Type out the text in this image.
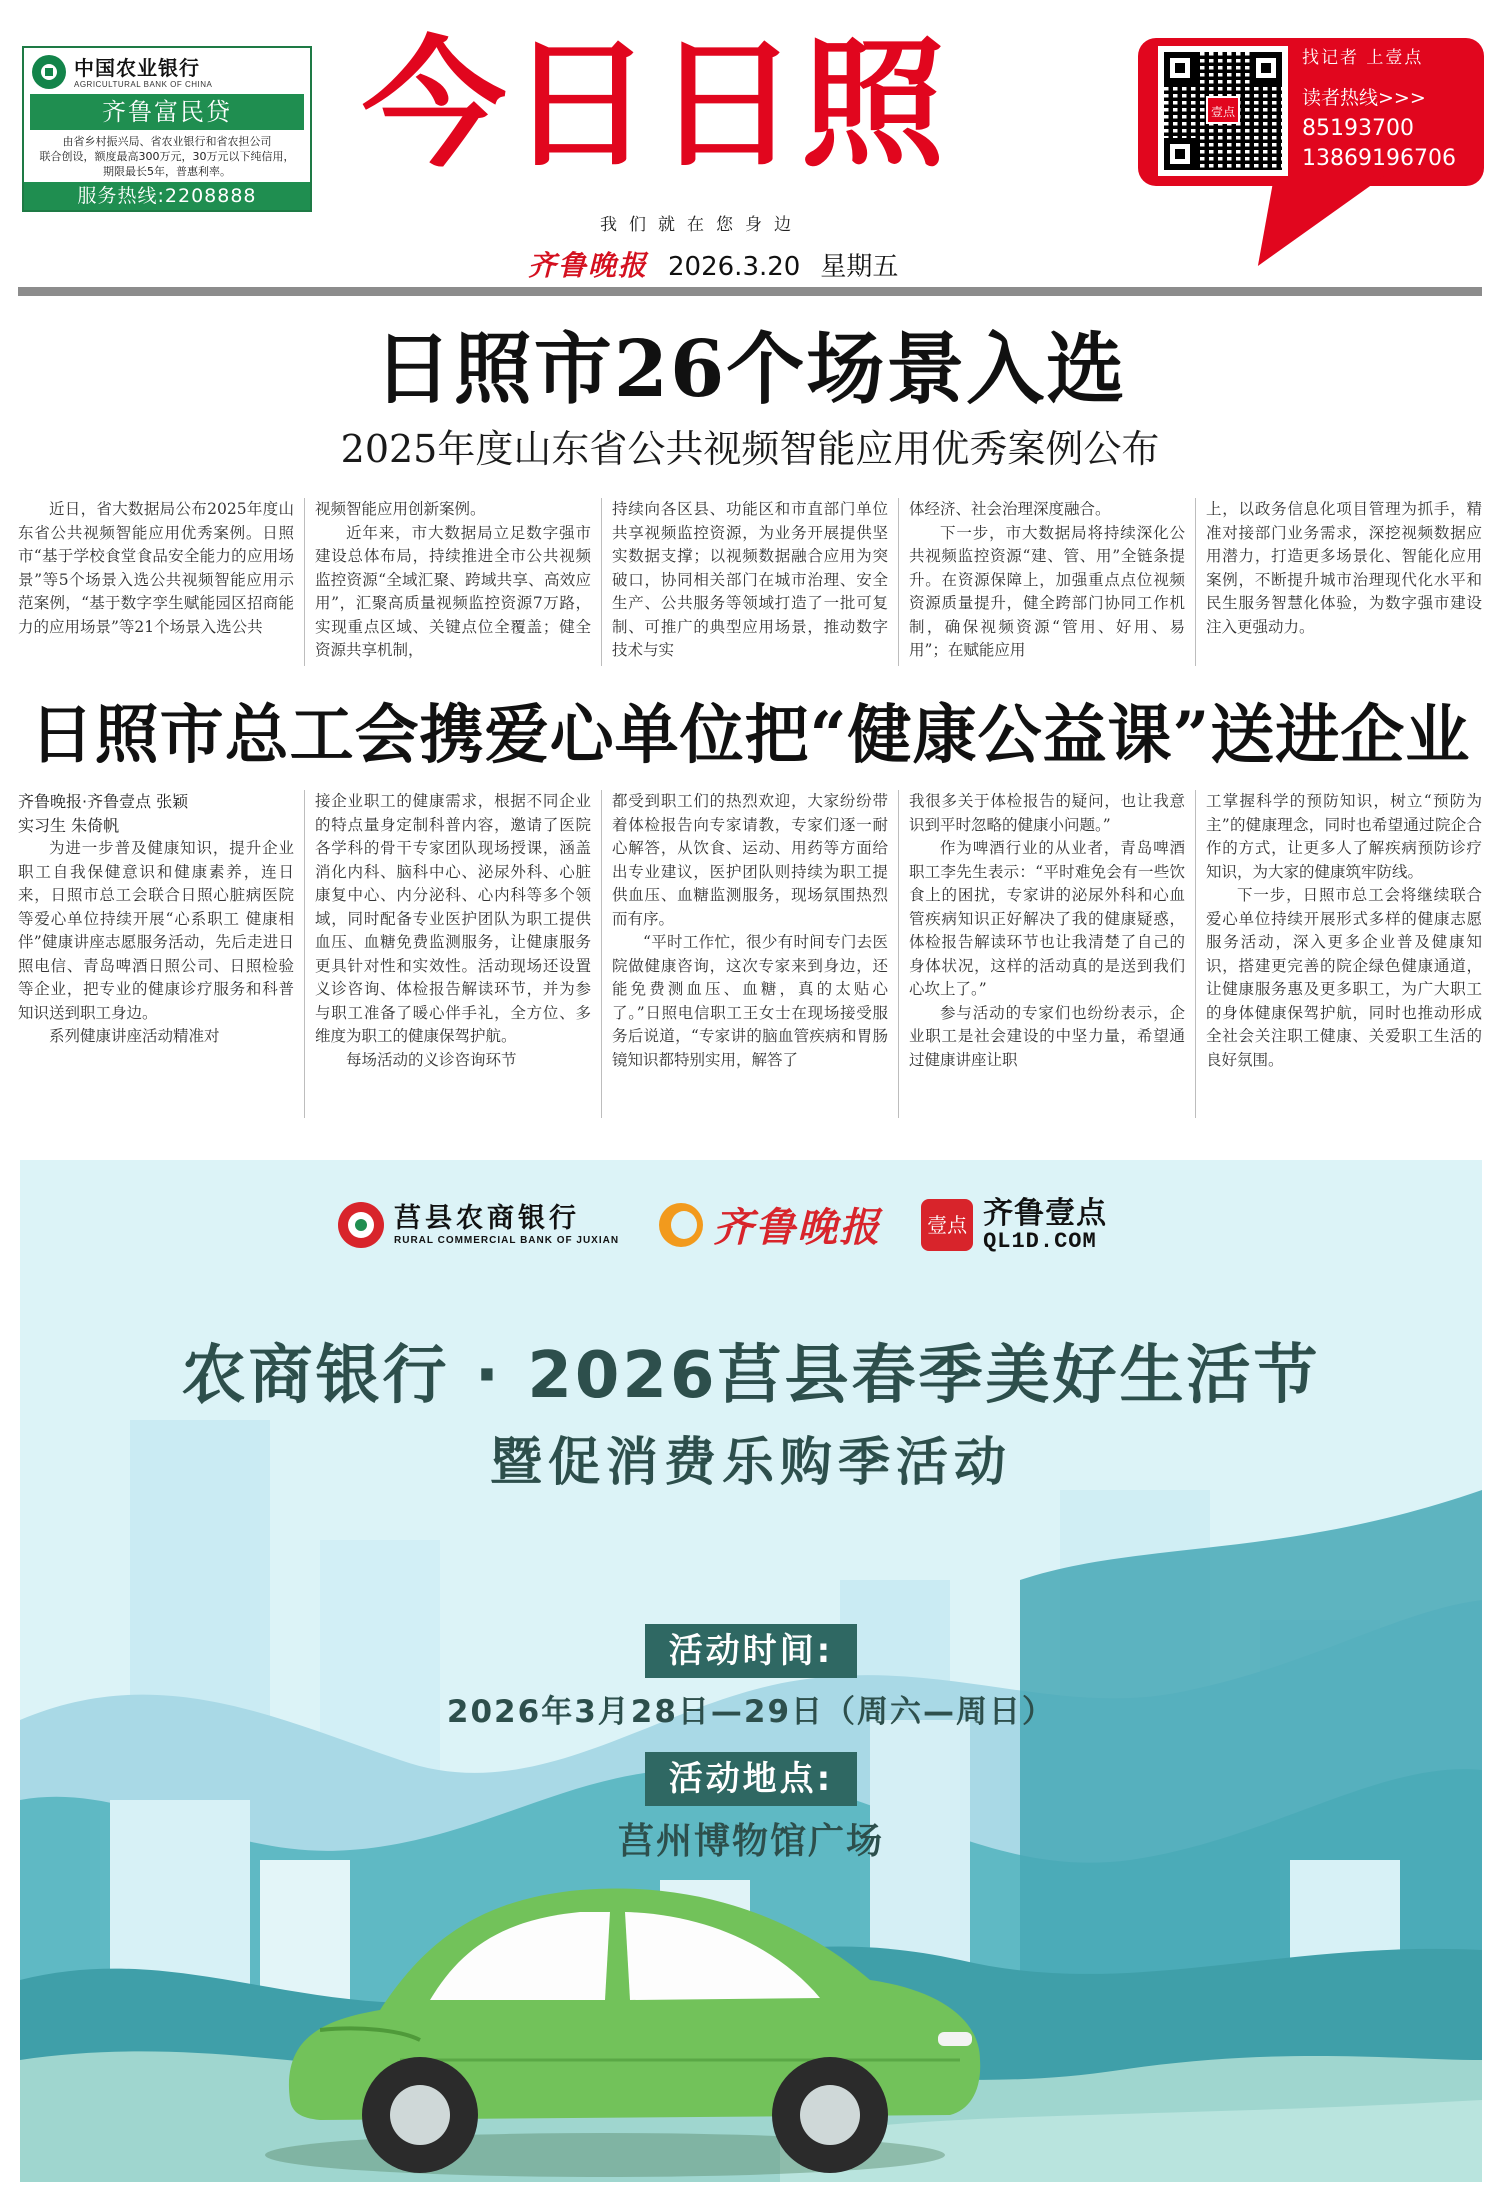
中国农业银行
AGRICULTURAL BANK OF CHINA
齐鲁富民贷
由省乡村振兴局、省农业银行和省农担公司
联合创设，额度最高300万元，30万元以下纯信用，
期限最长5年，普惠利率。
服务热线:2208888
今日日照
我们就在您身边
壹点
找记者 上壹点
读者热线>>>
85193700
13869196706
齐鲁晚报 2026.3.20 星期五
日照市26个场景入选
2025年度山东省公共视频智能应用优秀案例公布

近日，省大数据局公布2025年度山东省公共视频智能应用优秀案例。日照市“基于学校食堂食品安全能力的应用场景”等5个场景入选公共视频智能应用示范案例，“基于数字孪生赋能园区招商能力的应用场景”等21个场景入选公共

视频智能应用创新案例。

近年来，市大数据局立足数字强市建设总体布局，持续推进全市公共视频监控资源“全域汇聚、跨域共享、高效应用”，汇聚高质量视频监控资源7万路，实现重点区域、关键点位全覆盖；健全资源共享机制，

持续向各区县、功能区和市直部门单位共享视频监控资源，为业务开展提供坚实数据支撑；以视频数据融合应用为突破口，协同相关部门在城市治理、安全生产、公共服务等领域打造了一批可复制、可推广的典型应用场景，推动数字技术与实

体经济、社会治理深度融合。

下一步，市大数据局将持续深化公共视频监控资源“建、管、用”全链条提升。在资源保障上，加强重点点位视频资源质量提升，健全跨部门协同工作机制，确保视频资源“管用、好用、易用”；在赋能应用

上，以政务信息化项目管理为抓手，精准对接部门业务需求，深挖视频数据应用潜力，打造更多场景化、智能化应用案例，不断提升城市治理现代化水平和民生服务智慧化体验，为数字强市建设注入更强动力。

日照市总工会携爱心单位把“健康公益课”送进企业
齐鲁晚报·齐鲁壹点 张颖
实习生 朱倚帆

为进一步普及健康知识，提升企业职工自我保健意识和健康素养，连日来，日照市总工会联合日照心脏病医院等爱心单位持续开展“心系职工 健康相伴”健康讲座志愿服务活动，先后走进日照电信、青岛啤酒日照公司、日照检验等企业，把专业的健康诊疗服务和科普知识送到职工身边。

系列健康讲座活动精准对

接企业职工的健康需求，根据不同企业的特点量身定制科普内容，邀请了医院各学科的骨干专家团队现场授课，涵盖消化内科、脑科中心、泌尿外科、心脏康复中心、内分泌科、心内科等多个领域，同时配备专业医护团队为职工提供血压、血糖免费监测服务，让健康服务更具针对性和实效性。活动现场还设置义诊咨询、体检报告解读环节，并为参与职工准备了暖心伴手礼，全方位、多维度为职工的健康保驾护航。

每场活动的义诊咨询环节

都受到职工们的热烈欢迎，大家纷纷带着体检报告向专家请教，专家们逐一耐心解答，从饮食、运动、用药等方面给出专业建议，医护团队则持续为职工提供血压、血糖监测服务，现场氛围热烈而有序。

“平时工作忙，很少有时间专门去医院做健康咨询，这次专家来到身边，还能免费测血压、血糖，真的太贴心了。”日照电信职工王女士在现场接受服务后说道，“专家讲的脑血管疾病和胃肠镜知识都特别实用，解答了

我很多关于体检报告的疑问，也让我意识到平时忽略的健康小问题。”

作为啤酒行业的从业者，青岛啤酒职工李先生表示：“平时难免会有一些饮食上的困扰，专家讲的泌尿外科和心血管疾病知识正好解决了我的健康疑惑，体检报告解读环节也让我清楚了自己的身体状况，这样的活动真的是送到我们心坎上了。”

参与活动的专家们也纷纷表示，企业职工是社会建设的中坚力量，希望通过健康讲座让职

工掌握科学的预防知识，树立“预防为主”的健康理念，同时也希望通过院企合作的方式，让更多人了解疾病预防诊疗知识，为大家的健康筑牢防线。

下一步，日照市总工会将继续联合爱心单位持续开展形式多样的健康志愿服务活动，深入更多企业普及健康知识，搭建更完善的院企绿色健康通道，让健康服务惠及更多职工，为广大职工的身体健康保驾护航，同时也推动形成全社会关注职工健康、关爱职工生活的良好氛围。

莒县农商银行
RURAL COMMERCIAL BANK OF JUXIAN 齐鲁晚报	壹点 齐鲁壹点
QL1D.COM
农商银行 · 2026莒县春季美好生活节
暨促消费乐购季活动
活动时间:
2026年3月28日—29日（周六—周日）
活动地点:
莒州博物馆广场
